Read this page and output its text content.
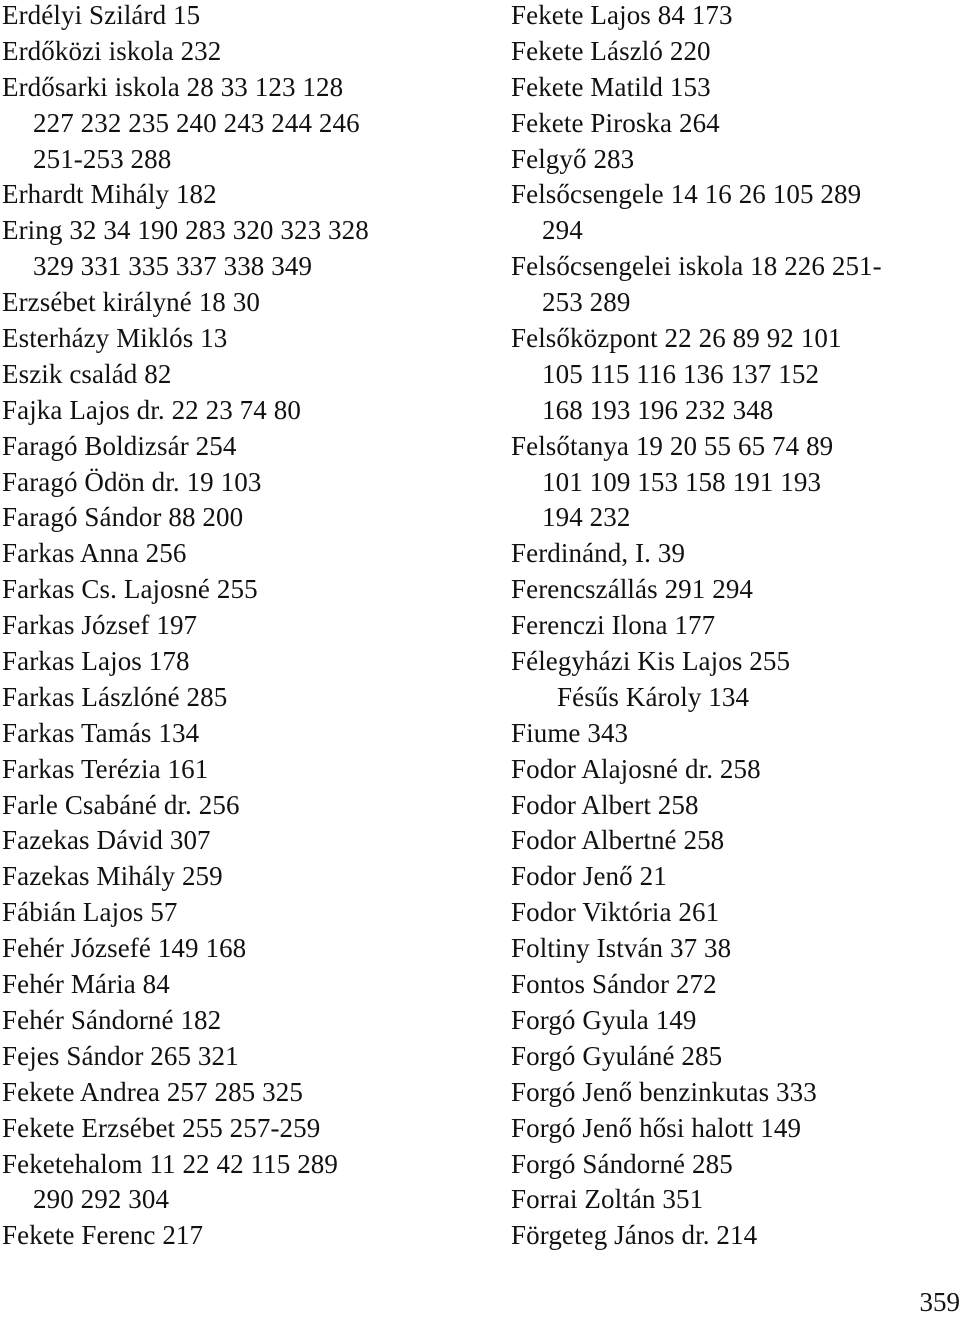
Erdélyi Szilárd 15
Erdőközi iskola 232
Erdősarki iskola 28 33 123 128
227 232 235 240 243 244 246
251-253 288
Erhardt Mihály 182
Ering 32 34 190 283 320 323 328
329 331 335 337 338 349
Erzsébet királyné 18 30
Esterházy Miklós 13
Eszik család 82
Fajka Lajos dr. 22 23 74 80
Faragó Boldizsár 254
Faragó Ödön dr. 19 103
Faragó Sándor 88 200
Farkas Anna 256
Farkas Cs. Lajosné 255
Farkas József 197
Farkas Lajos 178
Farkas Lászlóné 285
Farkas Tamás 134
Farkas Terézia 161
Farle Csabáné dr. 256
Fazekas Dávid 307
Fazekas Mihály 259
Fábián Lajos 57
Fehér Józsefé 149 168
Fehér Mária 84
Fehér Sándorné 182
Fejes Sándor 265 321
Fekete Andrea 257 285 325
Fekete Erzsébet 255 257-259
Feketehalom 11 22 42 115 289
290 292 304
Fekete Ferenc 217
Fekete Lajos 84 173
Fekete László 220
Fekete Matild 153
Fekete Piroska 264
Felgyő 283
Felsőcsengele 14 16 26 105 289
294
Felsőcsengelei iskola 18 226 251-
253 289
Felsőközpont 22 26 89 92 101
105 115 116 136 137 152
168 193 196 232 348
Felsőtanya 19 20 55 65 74 89
101 109 153 158 191 193
194 232
Ferdinánd, I. 39
Ferencszállás 291 294
Ferenczi Ilona 177
Félegyházi Kis Lajos 255
Fésűs Károly 134
Fiume 343
Fodor Alajosné dr. 258
Fodor Albert 258
Fodor Albertné 258
Fodor Jenő 21
Fodor Viktória 261
Foltiny István 37 38
Fontos Sándor 272
Forgó Gyula 149
Forgó Gyuláné 285
Forgó Jenő benzinkutas 333
Forgó Jenő hősi halott 149
Forgó Sándorné 285
Forrai Zoltán 351
Förgeteg János dr. 214

359
